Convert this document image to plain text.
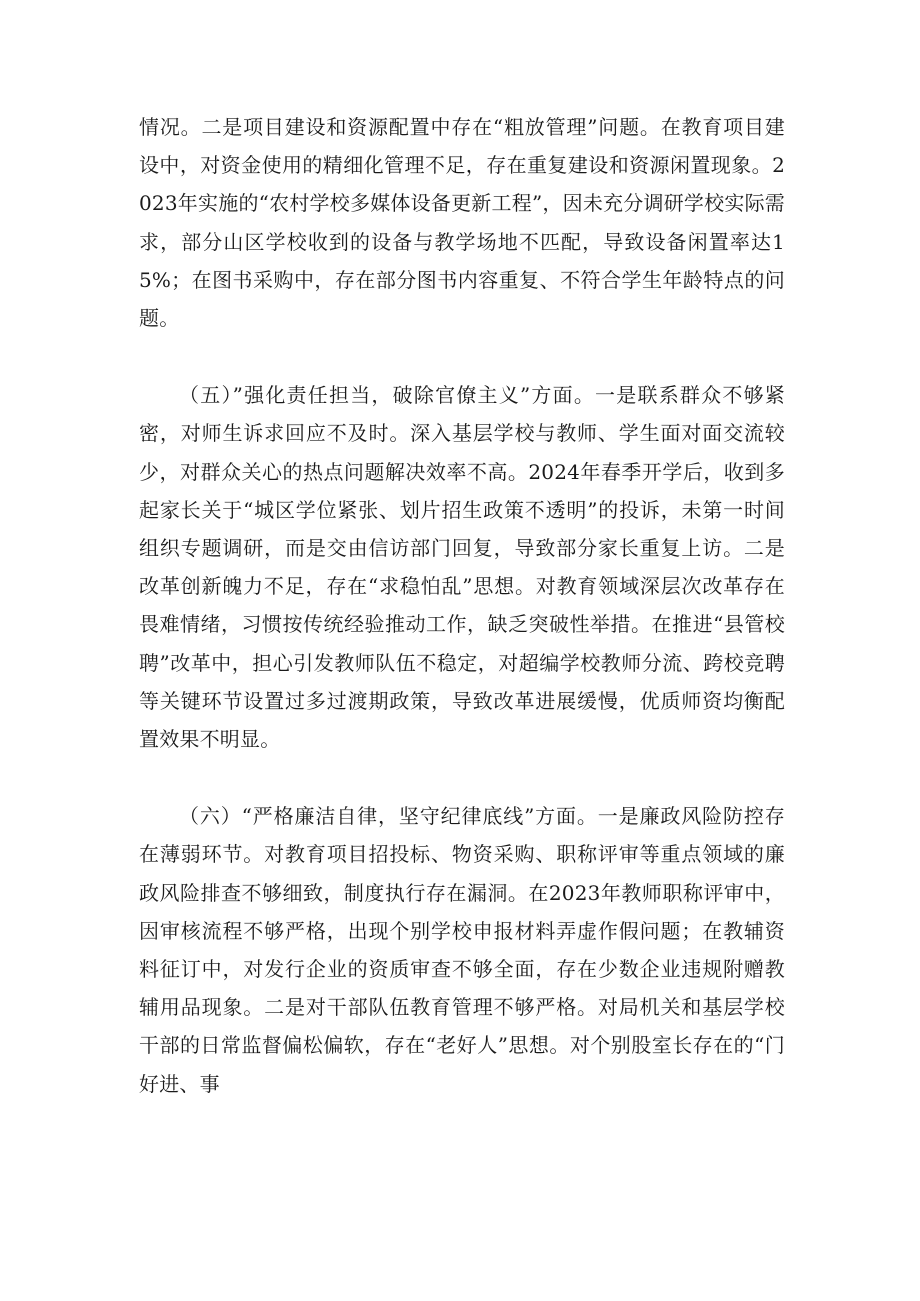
情况。二是项目建设和资源配置中存在“粗放管理”问题。在教育项目建设中，对资金使用的精细化管理不足，存在重复建设和资源闲置现象。2023年实施的“农村学校多媒体设备更新工程”，因未充分调研学校实际需求，部分山区学校收到的设备与教学场地不匹配，导致设备闲置率达15%；在图书采购中，存在部分图书内容重复、不符合学生年龄特点的问题。

（五）”强化责任担当，破除官僚主义”方面。一是联系群众不够紧密，对师生诉求回应不及时。深入基层学校与教师、学生面对面交流较少，对群众关心的热点问题解决效率不高。2024年春季开学后，收到多起家长关于“城区学位紧张、划片招生政策不透明”的投诉，未第一时间组织专题调研，而是交由信访部门回复，导致部分家长重复上访。二是改革创新魄力不足，存在“求稳怕乱”思想。对教育领域深层次改革存在畏难情绪，习惯按传统经验推动工作，缺乏突破性举措。在推进“县管校聘”改革中，担心引发教师队伍不稳定，对超编学校教师分流、跨校竞聘等关键环节设置过多过渡期政策，导致改革进展缓慢，优质师资均衡配置效果不明显。

（六）“严格廉洁自律，坚守纪律底线”方面。一是廉政风险防控存在薄弱环节。对教育项目招投标、物资采购、职称评审等重点领域的廉政风险排查不够细致，制度执行存在漏洞。在2023年教师职称评审中，因审核流程不够严格，出现个别学校申报材料弄虚作假问题；在教辅资料征订中，对发行企业的资质审查不够全面，存在少数企业违规附赠教辅用品现象。二是对干部队伍教育管理不够严格。对局机关和基层学校干部的日常监督偏松偏软，存在“老好人”思想。对个别股室长存在的“门好进、事
